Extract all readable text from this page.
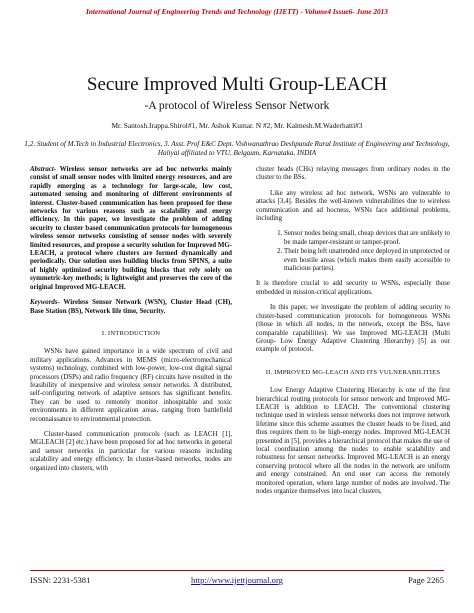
International Journal of Engineering Trends and Technology (IJETT) - Volume4 Issue6- June 2013
Secure Improved Multi Group-LEACH
-A protocol of Wireless Sensor Network
Mr. Santosh.Irappa.Shirol#1, Mr. Ashok Kumar. N #2, Mr. Kalmesh.M.Waderhatti#3
1,2. Student of M.Tech in Industrial Electronics, 3. Asst. Prof E&C Dept. Vishwanathrao Deshpande Rural Institute of Engineering and Technology, Haliyal affiliated to VTU, Belgaum, Karnataka, INDIA
Abstract- Wireless sensor networks are ad hoc networks mainly consist of small sensor nodes with limited energy resources, and are rapidly emerging as a technology for large-scale, low cost, automated sensing and monitoring of different environments of interest. Cluster-based communication has been proposed for these networks for various reasons such as scalability and energy efficiency. In this paper, we investigate the problem of adding security to cluster based communication protocols for homogeneous wireless sensor networks consisting of sensor nodes with severely limited resources, and propose a security solution for Improved MG-LEACH, a protocol where clusters are formed dynamically and periodically. Our solution uses building blocks from SPINS, a suite of highly optimized security building blocks that rely solely on symmetric-key methods; is lightweight and preserves the core of the original Improved MG-LEACH.
Keywords- Wireless Sensor Network (WSN), Cluster Head (CH), Base Station (BS), Network life time, Security.
I. INTRODUCTION

WSNs have gained importance in a wide spectrum of civil and military applications. Advances in MEMS (micro-electromechanical systems) technology, combined with low-power, low-cost digital signal processors (DSPs) and radio frequency (RF) circuits have resulted in the feasibility of inexpensive and wireless sensor networks. A distributed, self-configuring network of adaptive sensors has significant benefits. They can be used to remotely monitor inhospitable and toxic environments in different application areas, ranging from battlefield reconnaissance to environmental protection.

Cluster-based communication protocols (such as LEACH [1], MGLEACH [2] etc.) have been proposed for ad hoc networks in general and sensor networks in particular for various reasons including scalability and energy efficiency. In cluster-based networks, nodes are organized into clusters, with

cluster heads (CHs) relaying messages from ordinary nodes in the cluster to the BSs.

Like any wireless ad hoc network, WSNs are vulnerable to attacks [3,4]. Besides the well-known vulnerabilities due to wireless communication and ad hocness, WSNs face additional problems, including

1. Sensor nodes being small, cheap devices that are unlikely to be made tamper-resistant or tamper-proof.
2. Their being left unattended once deployed in unprotected or even hostile areas (which makes them easily accessible to malicious parties).

It is therefore crucial to add security to WSNs, especially those embedded in mission-critical applications.

In this paper, we investigate the problem of adding security to cluster-based communication protocols for homogeneous WSNs (those in which all nodes, in the network, except the BSs, have comparable capabilities). We use Improved MG-LEACH (Multi Group- Low Energy Adaptive Clustering Hierarchy) [5] as our example of protocol.

II. IMPROVED MG-LEACH AND ITS VULNERABILITIES

Low Energy Adaptive Clustering Hierarchy is one of the first hierarchical routing protocols for sensor network and Improved MG-LEACH is addition to LEACH. The conventional clustering technique used in wireless sensor networks does not improve network lifetime since this scheme assumes the cluster heads to be fixed, and thus requires them to be high-energy nodes. Improved MG-LEACH presented in [5], provides a hierarchical protocol that makes the use of local coordination among the nodes to enable scalability and robustness for sensor networks. Improved MG-LEACH is an energy conserving protocol where all the nodes in the network are uniform and energy constrained. An end user can access the remotely monitored operation, where large number of nodes are involved. The nodes organize themselves into local clusters,

ISSN: 2231-5381	http://www.ijettjournal.org	Page 2265
